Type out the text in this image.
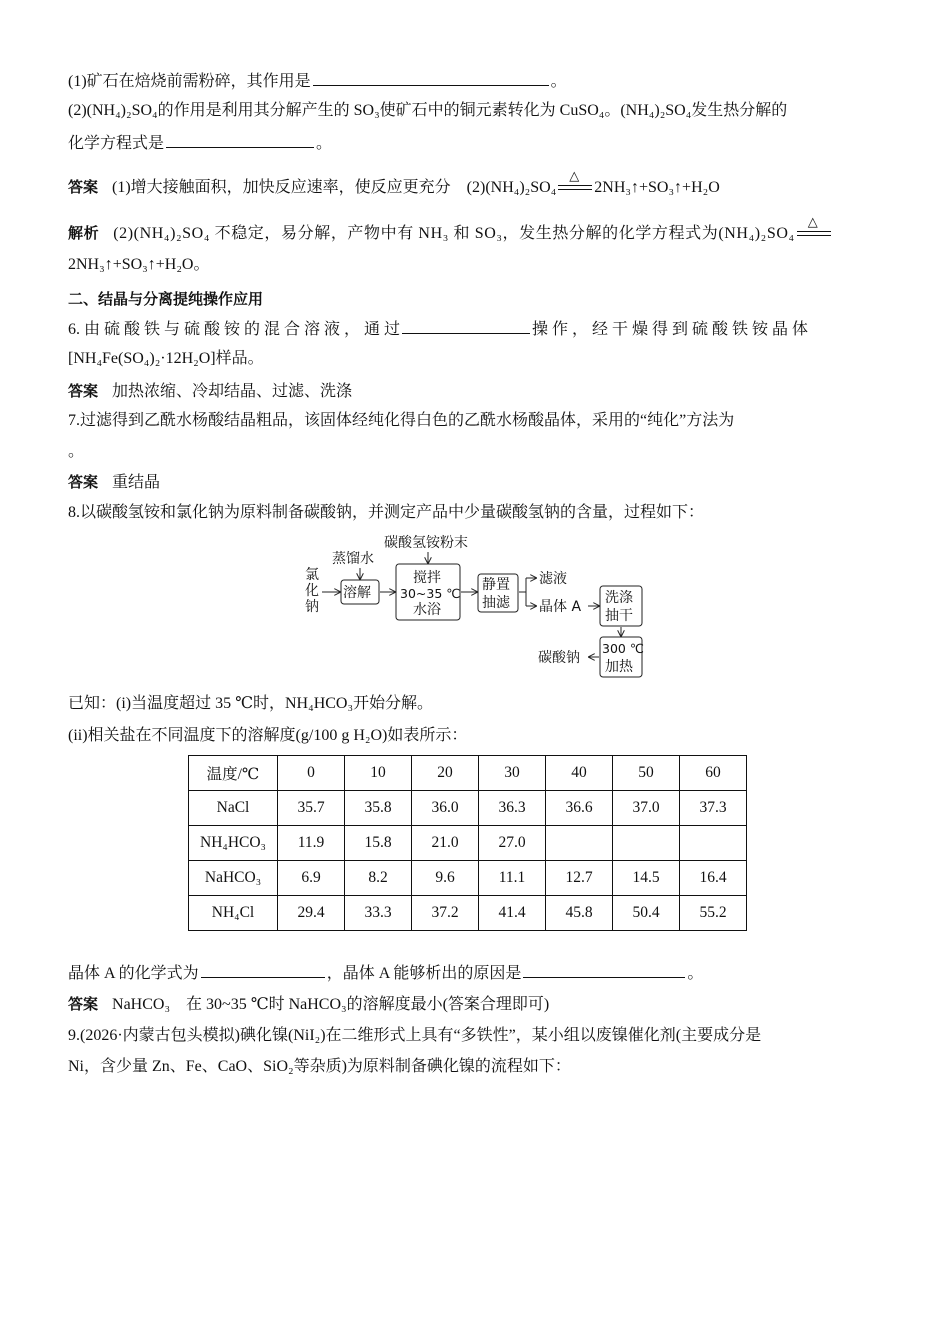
(1)矿石在焙烧前需粉碎，其作用是	。
(2)(NH₄)₂SO₄的作用是利用其分解产生的 SO₃使矿石中的铜元素转化为 CuSO₄。(NH₄)₂SO₄发生热分解的
化学方程式是	。
答案 (1)增大接触面积，加快反应速率，使反应更充分　(2)(NH₄)₂SO₄
△
2NH₃↑+SO₃↑+H₂O
解析 (2)(NH₄)₂SO₄ 不稳定，易分解，产物中有 NH₃ 和 SO₃，发生热分解的化学方程式为(NH₄)₂SO₄
△
2NH₃↑+SO₃↑+H₂O。
二、结晶与分离提纯操作应用
6. 由 硫 酸 铁 与 硫 酸 铵 的 混 合 溶 液 ， 通 过	操 作 ， 经 干 燥 得 到 硫 酸 铁 铵 晶 体
[NH₄Fe(SO₄)₂·12H₂O]样品。
答案 加热浓缩、冷却结晶、过滤、洗涤
7.过滤得到乙酰水杨酸结晶粗品，该固体经纯化得白色的乙酰水杨酸晶体，采用的“纯化”方法为
。
答案 重结晶
8.以碳酸氢铵和氯化钠为原料制备碳酸钠，并测定产品中少量碳酸氢钠的含量，过程如下：
氯
化
钠
蒸馏水
溶解
碳酸氢铵粉末
搅拌
30~35 ℃
水浴
静置
抽滤
滤液
晶体 A
洗涤
抽干
300 ℃
加热
碳酸钠
已知：(i)当温度超过 35 ℃时，NH₄HCO₃开始分解。
(ii)相关盐在不同温度下的溶解度(g/100 g H₂O)如表所示：
温度/℃	0	10	20	30	40	50	60
NaCl	35.7	35.8	36.0	36.3	36.6	37.0	37.3
NH₄HCO₃	11.9	15.8	21.0	27.0			
NaHCO₃	6.9	8.2	9.6	11.1	12.7	14.5	16.4
NH₄Cl	29.4	33.3	37.2	41.4	45.8	50.4	55.2
晶体 A 的化学式为	，晶体 A 能够析出的原因是	。
答案 NaHCO₃　在 30~35 ℃时 NaHCO₃的溶解度最小(答案合理即可)
9.(2026·内蒙古包头模拟)碘化镍(NiI₂)在二维形式上具有“多铁性”，某小组以废镍催化剂(主要成分是
Ni，含少量 Zn、Fe、CaO、SiO₂等杂质)为原料制备碘化镍的流程如下：
